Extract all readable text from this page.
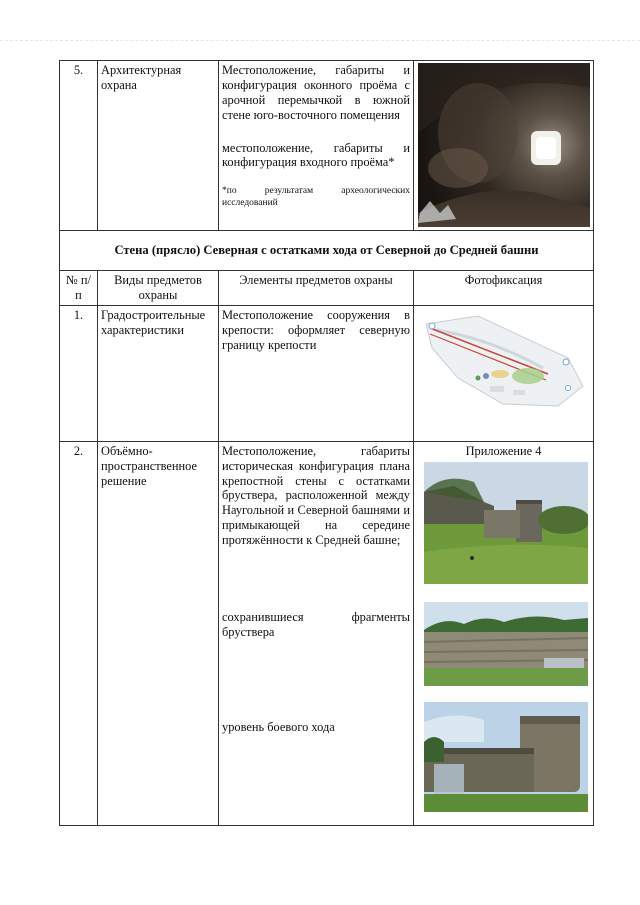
5.	Архитектурная охрана	Местоположение, габариты и конфигурация оконного проёма с арочной перемычкой в южной стене юго-восточного помещения
местоположение, габариты и конфигурация входного проёма*
*по результатам археологических исследований

Стена (прясло) Северная с остатками хода от Северной до Средней башни			
№ п/п	Виды предметов охраны	Элементы предметов охраны	Фотофиксация
1.	Градостроительные характеристики	Местоположение сооружения в крепости: оформляет северную границу крепости	

2.	Объёмно-пространственное решение	Местоположение, габариты историческая конфигурация плана крепостной стены с остатками бруствера, расположенной между Наугольной и Северной башнями и примыкающей на середине протяжённости к Средней башне;
сохранившиеся фрагменты бруствера
уровень боевого хода	Приложение 4
